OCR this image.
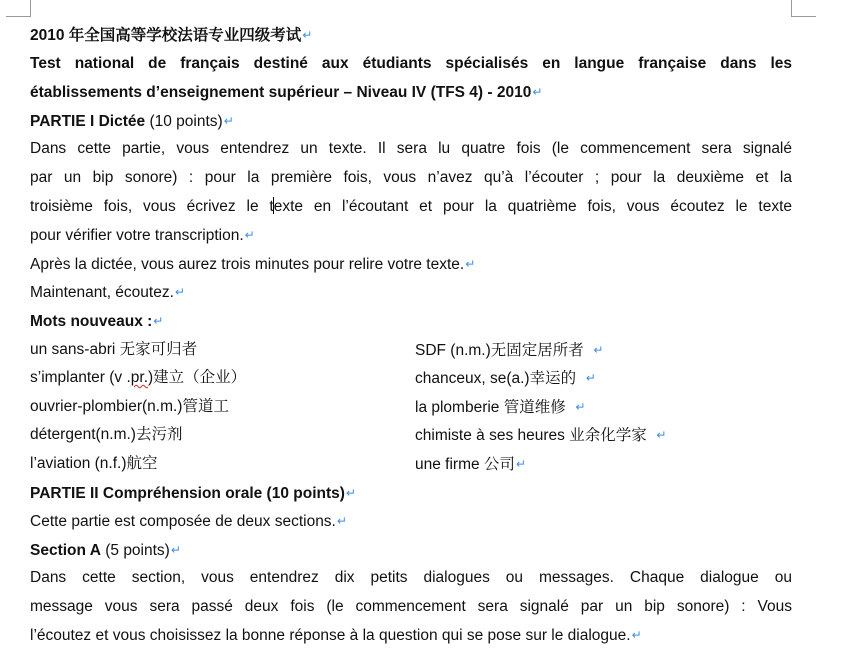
2010 年全国高等学校法语专业四级考试↵
Test national de français destiné aux étudiants spécialisés en langue française dans les
établissements d’enseignement supérieur – Niveau IV (TFS 4) - 2010↵
PARTIE I Dictée (10 points)↵
Dans cette partie, vous entendrez un texte. Il sera lu quatre fois (le commencement sera signalé
par un bip sonore) : pour la première fois, vous n’avez qu’à l’écouter ; pour la deuxième et la
troisième fois, vous écrivez le texte en l’écoutant et pour la quatrième fois, vous écoutez le texte
pour vérifier votre transcription.↵
Après la dictée, vous aurez trois minutes pour relire votre texte.↵
Maintenant, écoutez.↵
Mots nouveaux :↵
un sans-abri 无家可归者	SDF (n.m.)无固定居所者 ↵
s’implanter (v .pr.)建立（企业）	chanceux, se(a.)幸运的 ↵
ouvrier-plombier(n.m.)管道工	la plomberie 管道维修 ↵
détergent(n.m.)去污剂	chimiste à ses heures 业余化学家 ↵
l’aviation (n.f.)航空	une firme 公司↵
PARTIE II Compréhension orale (10 points)↵
Cette partie est composée de deux sections.↵
Section A (5 points)↵
Dans cette section, vous entendrez dix petits dialogues ou messages. Chaque dialogue ou
message vous sera passé deux fois (le commencement sera signalé par un bip sonore) : Vous
l’écoutez et vous choisissez la bonne réponse à la question qui se pose sur le dialogue.↵
